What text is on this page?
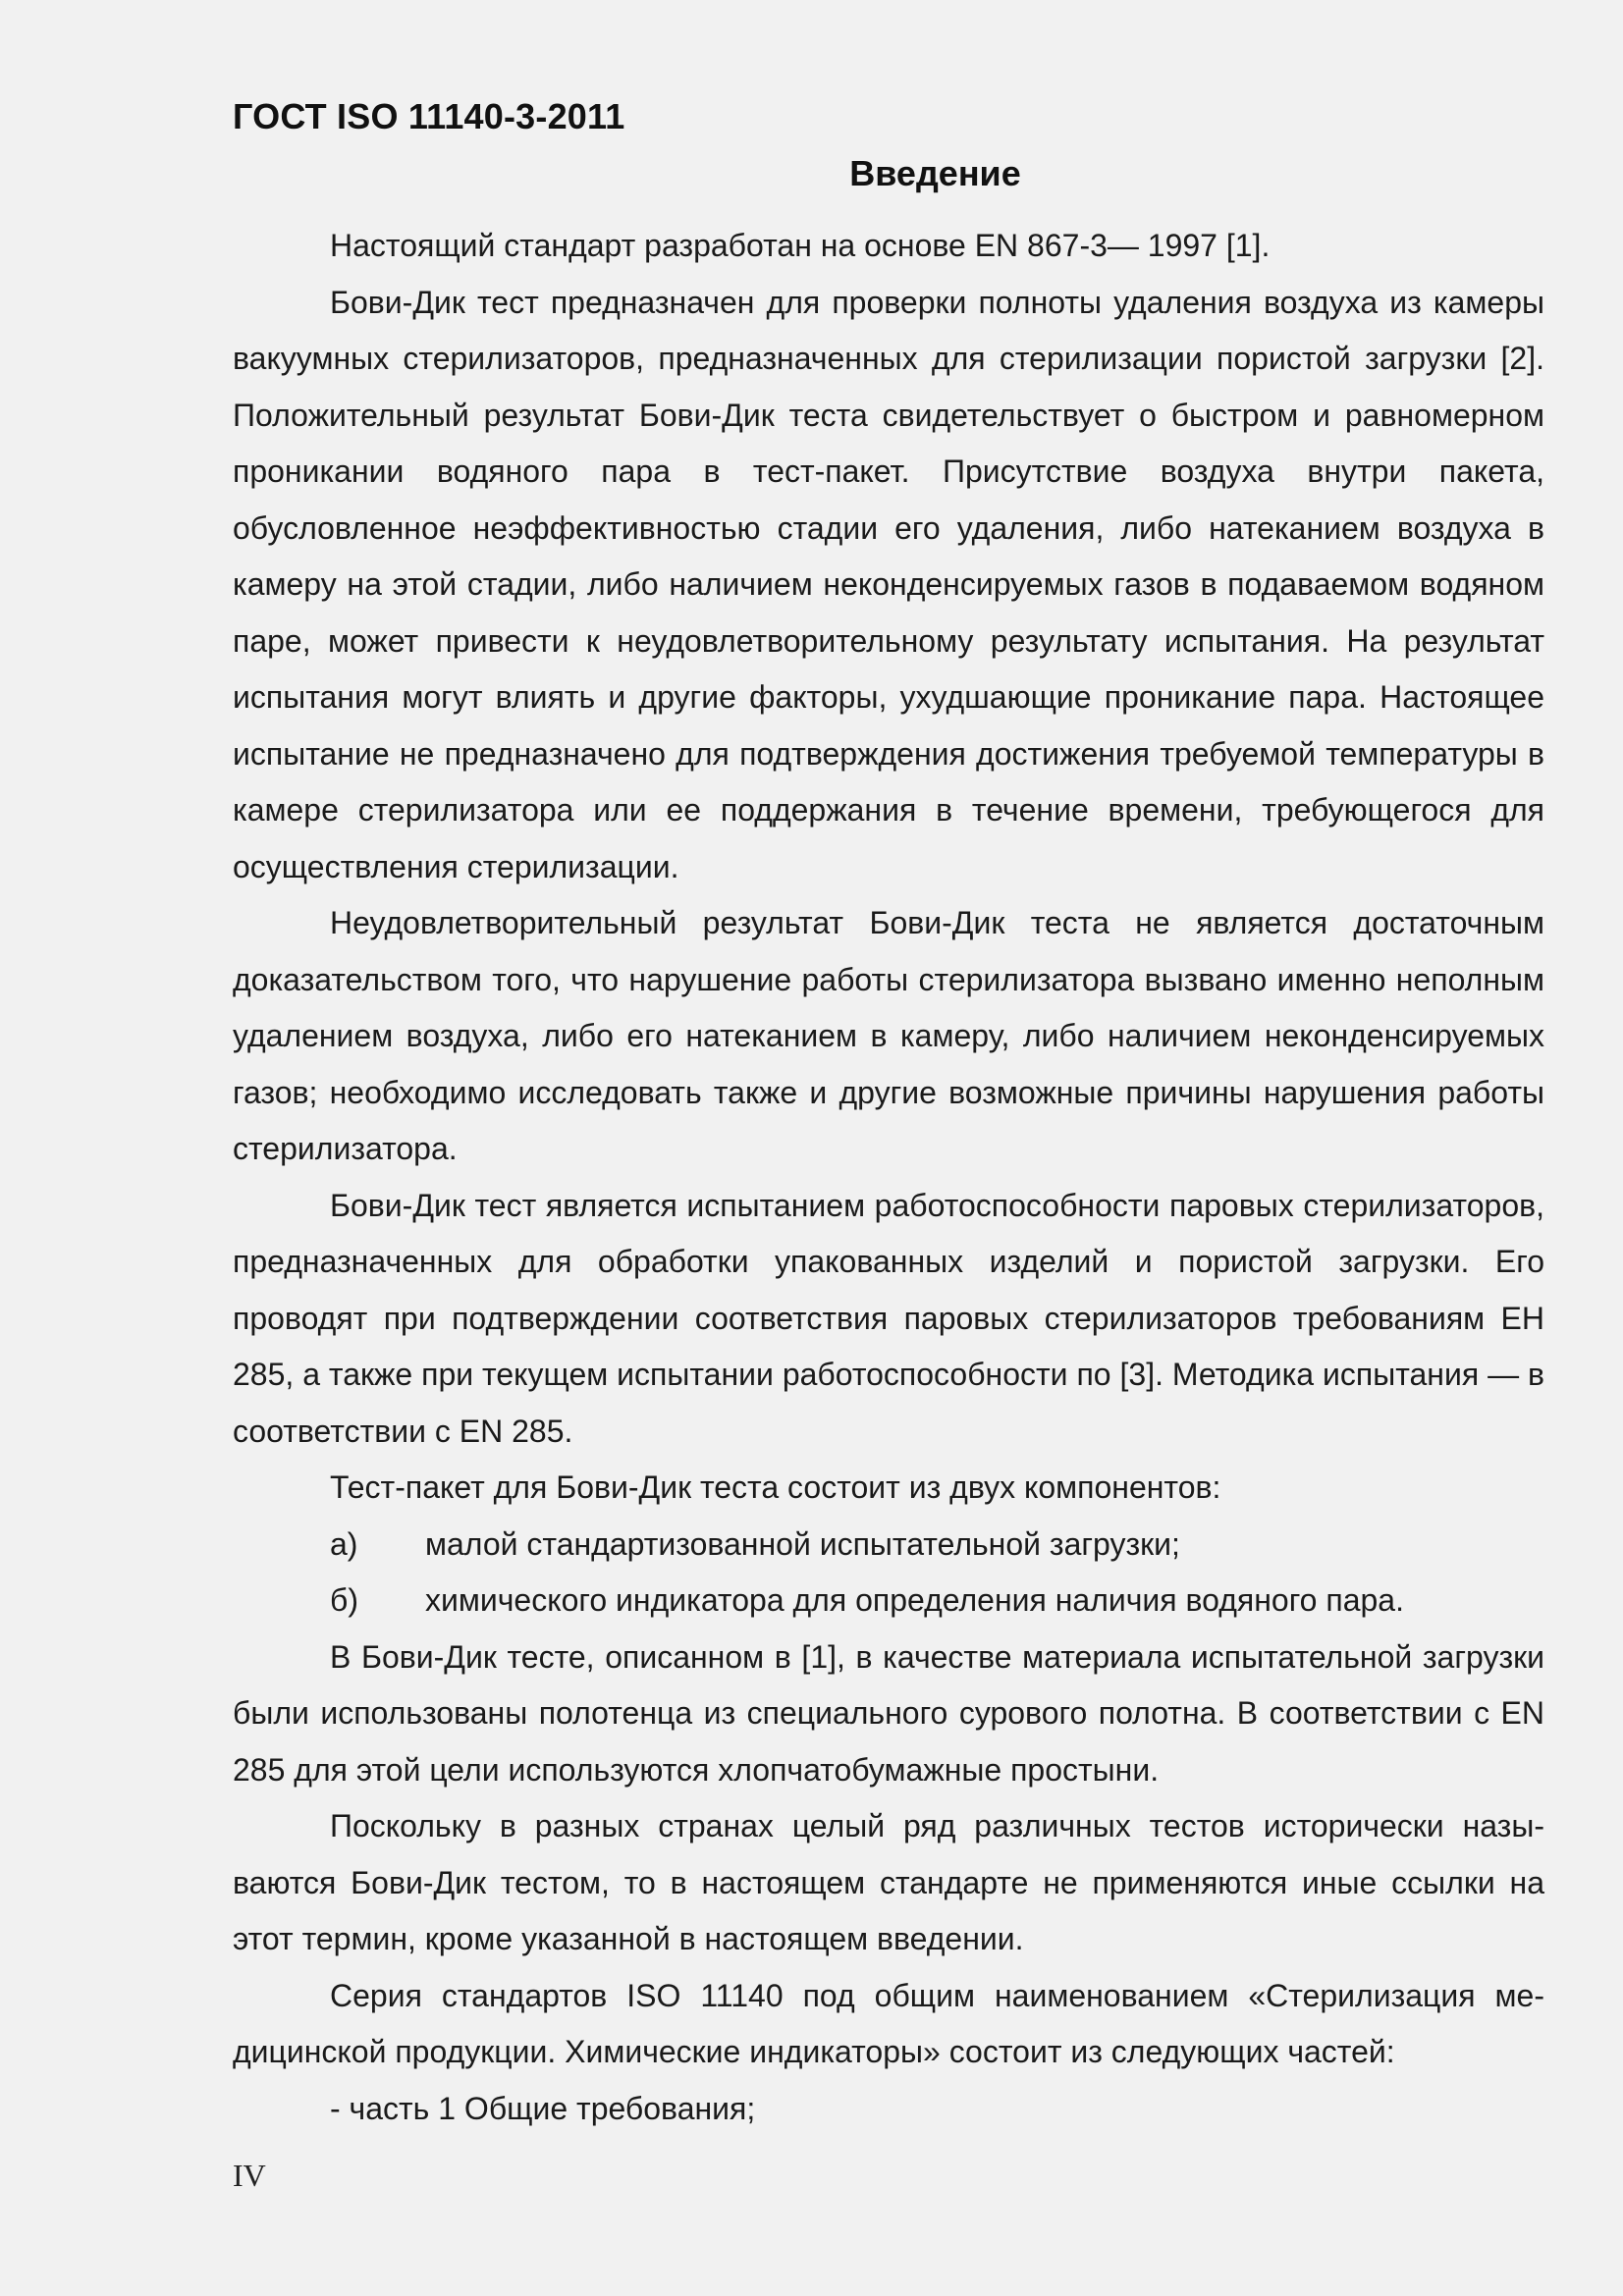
ГОСТ ISO 11140-3-2011
Введение

Настоящий стандарт разработан на основе EN 867-3— 1997 [1].

Бови-Дик тест предназначен для проверки полноты удаления воздуха из камеры вакуумных стерилизаторов, предназначенных для стерилизации пористой загрузки [2]. Положительный результат Бови-Дик теста свидетельствует о быстром и равномерном проникании водяного пара в тест-пакет. Присутствие воздуха внутри пакета, обусловленное неэффективностью стадии его удаления, либо натеканием воздуха в камеру на этой стадии, либо наличием неконденсируемых газов в подаваемом водяном паре, может привести к неудовлетворительному результату испытания. На результат испытания могут влиять и другие факторы, ухудшающие проникание пара. Настоящее испытание не предназначено для подтверждения достижения требуемой температуры в камере стерилизатора или ее поддержания в течение времени, требующегося для осуществления стерилизации.

Неудовлетворительный результат Бови-Дик теста не является достаточным доказательством того, что нарушение работы стерилизатора вызвано именно неполным удалением воздуха, либо его натеканием в камеру, либо наличием неконденсируемых газов; необходимо исследовать также и другие возможные причины нарушения работы стерилизатора.

Бови-Дик тест является испытанием работоспособности паровых стерилизаторов, предназначенных для обработки упакованных изделий и пористой загрузки. Его проводят при подтверждении соответствия паровых стерилизаторов требованиям ЕН 285, а также при текущем испытании работоспособности по [3]. Методика испытания — в соответствии с EN 285.

Тест-пакет для Бови-Дик теста состоит из двух компонентов:

а)	малой стандартизованной испытательной загрузки;
б)	химического индикатора для определения наличия водяного пара.

В Бови-Дик тесте, описанном в [1], в качестве материала испытательной загрузки были использованы полотенца из специального сурового полотна. В соответствии с EN 285 для этой цели используются хлопчатобумажные простыни.

Поскольку в разных странах целый ряд различных тестов исторически называются Бови-Дик тестом, то в настоящем стандарте не применяются иные ссылки на этот термин, кроме указанной в настоящем введении.

Серия стандартов ISO 11140 под общим наименованием «Стерилизация медицинской продукции. Химические индикаторы» состоит из следующих частей:

- часть 1 Общие требования;
IV
